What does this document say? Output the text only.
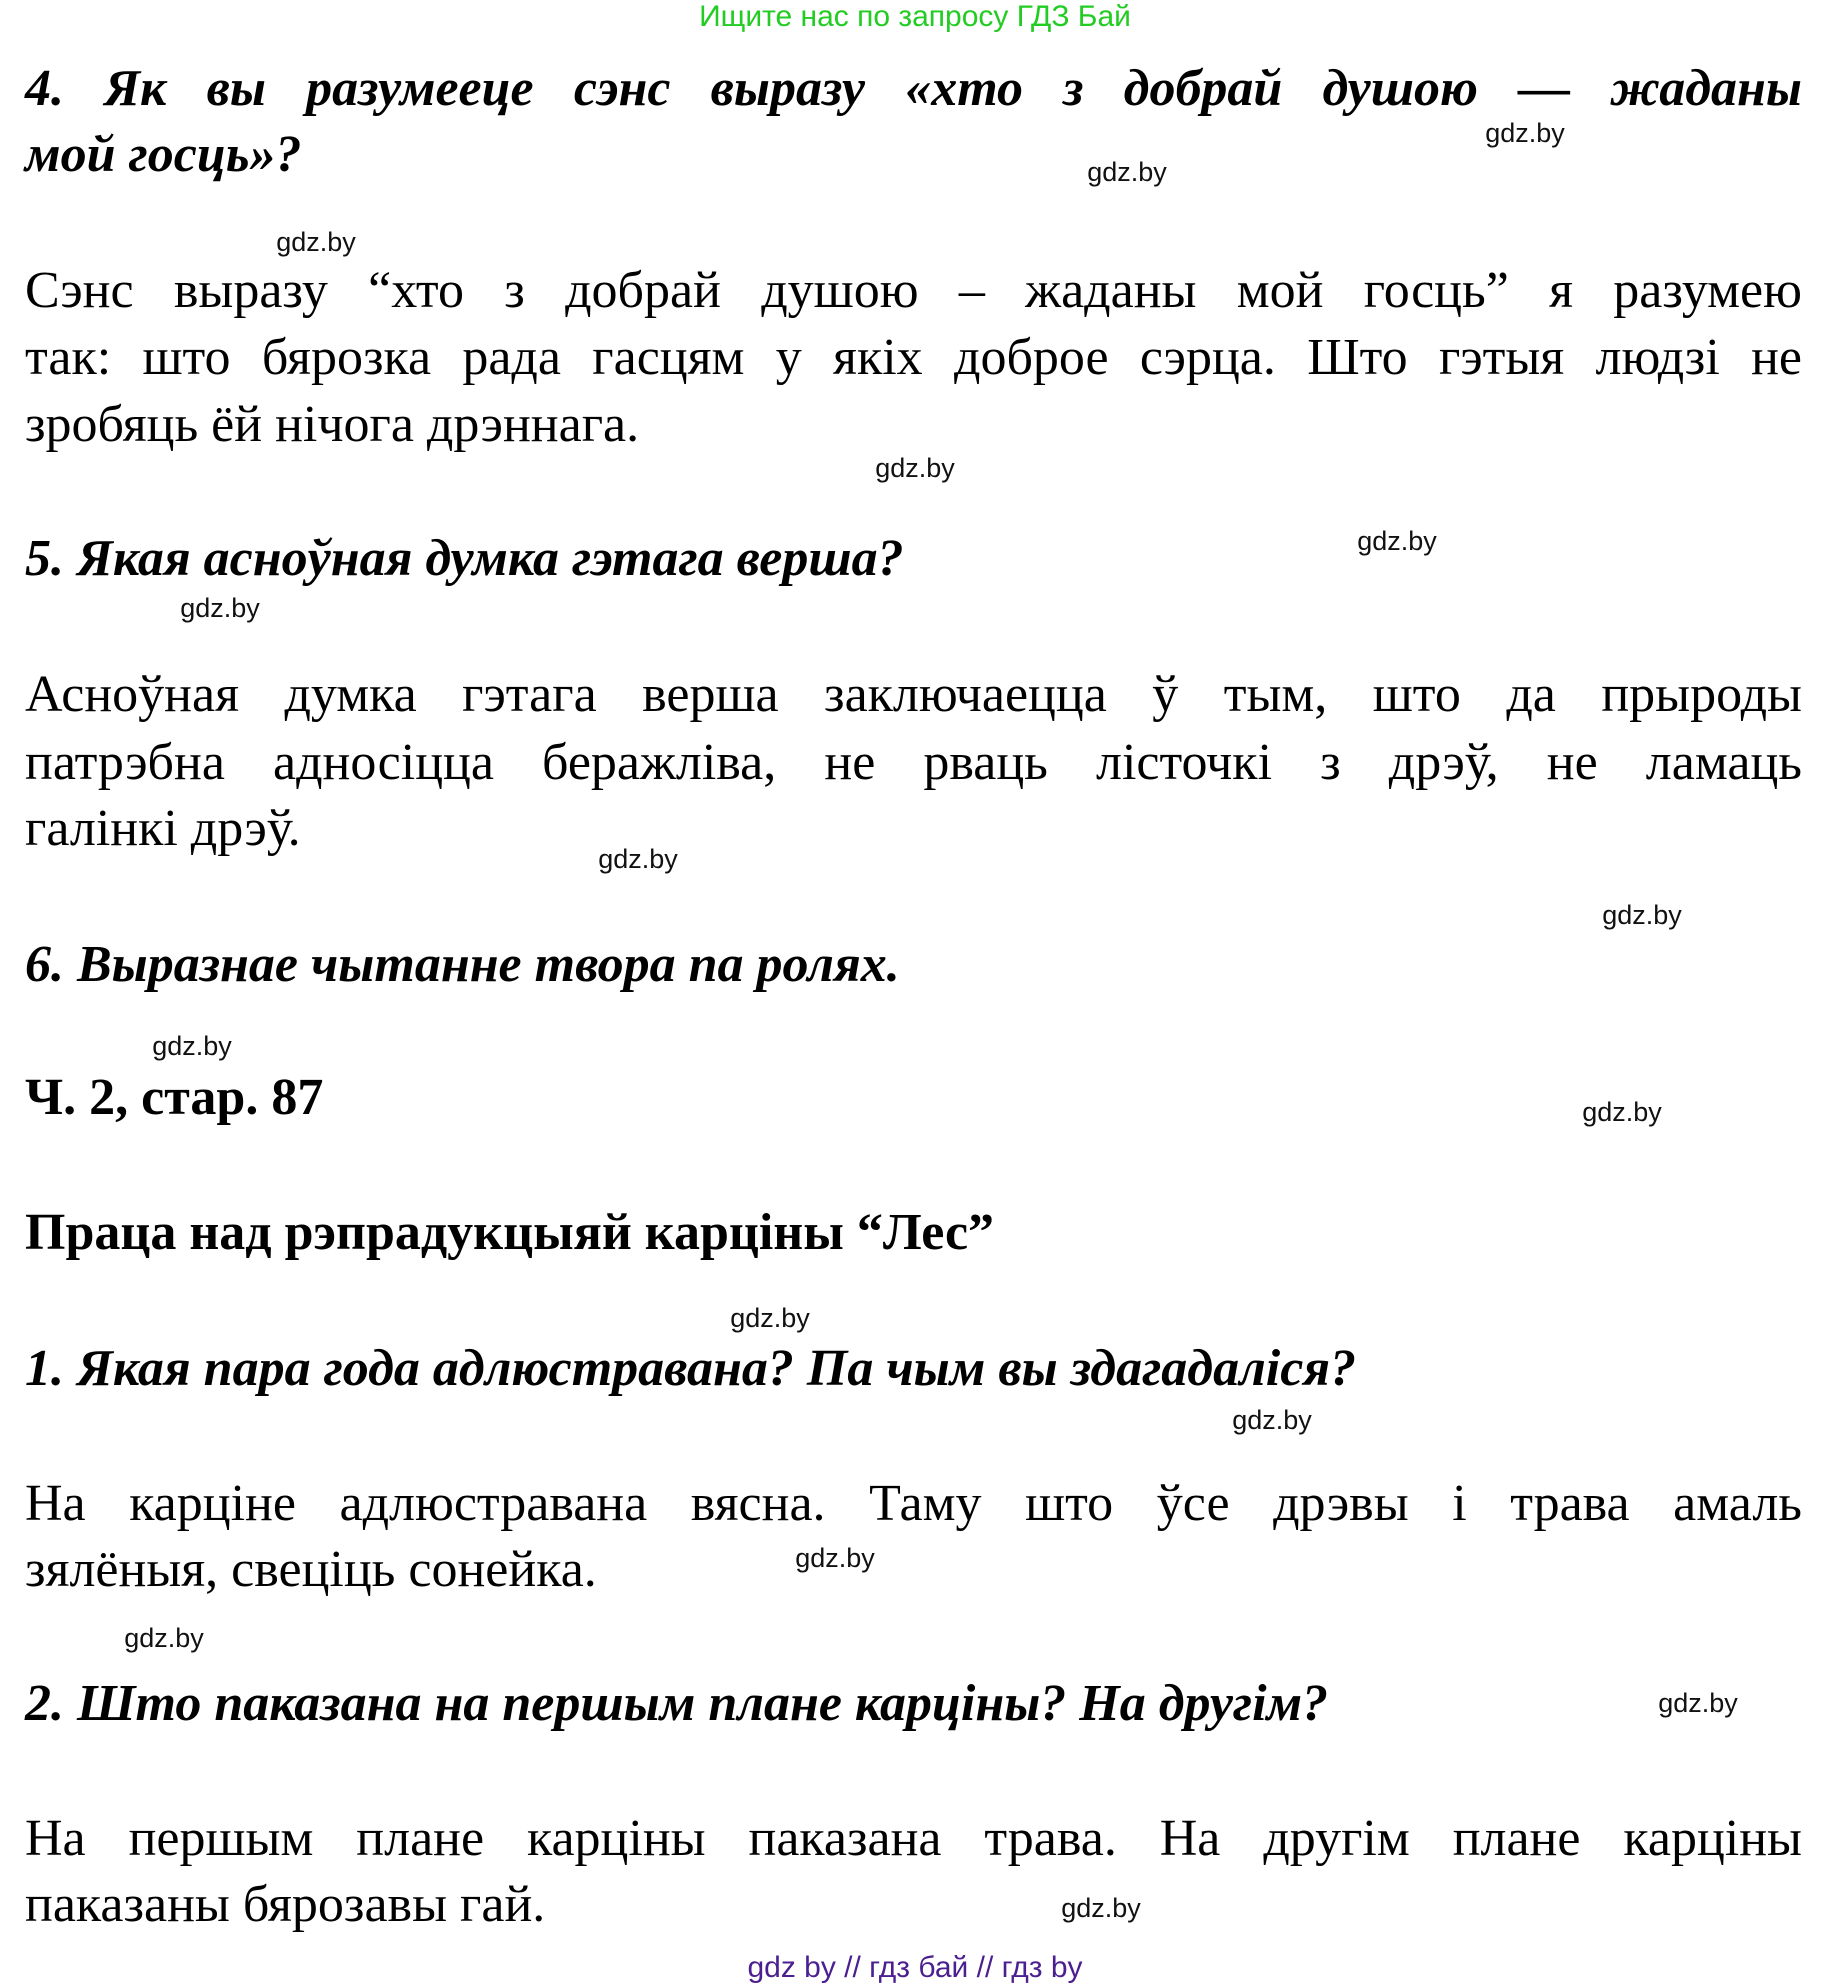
Ищите нас по запросу ГДЗ Бай
4. Як вы разумееце сэнс выразу «хто з добрай душою — жаданы
мой госць»?
Сэнс выразу “хто з добрай душою – жаданы мой госць” я разумею
так: што бярозка рада гасцям у якіх доброе сэрца. Што гэтыя людзі не
зробяць ёй нічога дрэннага.
5. Якая асноўная думка гэтага верша?
Асноўная думка гэтага верша заключаецца ў тым, што да прыроды
патрэбна адносіцца беражліва, не рваць лісточкі з дрэў, не ламаць
галінкі дрэў.
6. Выразнае чытанне твора па ролях.
Ч. 2, стар. 87
Праца над рэпрадукцыяй карціны “Лес”
1. Якая пара года адлюстравана? Па чым вы здагадаліся?
На карціне адлюстравана вясна. Таму што ўсе дрэвы і трава амаль
зялёныя, свеціць сонейка.
2. Што паказана на першым плане карціны? На другім?
На першым плане карціны паказана трава. На другім плане карціны
паказаны бярозавы гай.
gdz.by
gdz.by
gdz.by
gdz.by
gdz.by
gdz.by
gdz.by
gdz.by
gdz.by
gdz.by
gdz.by
gdz.by
gdz.by
gdz.by
gdz.by
gdz.by
gdz by // гдз бай // гдз by
